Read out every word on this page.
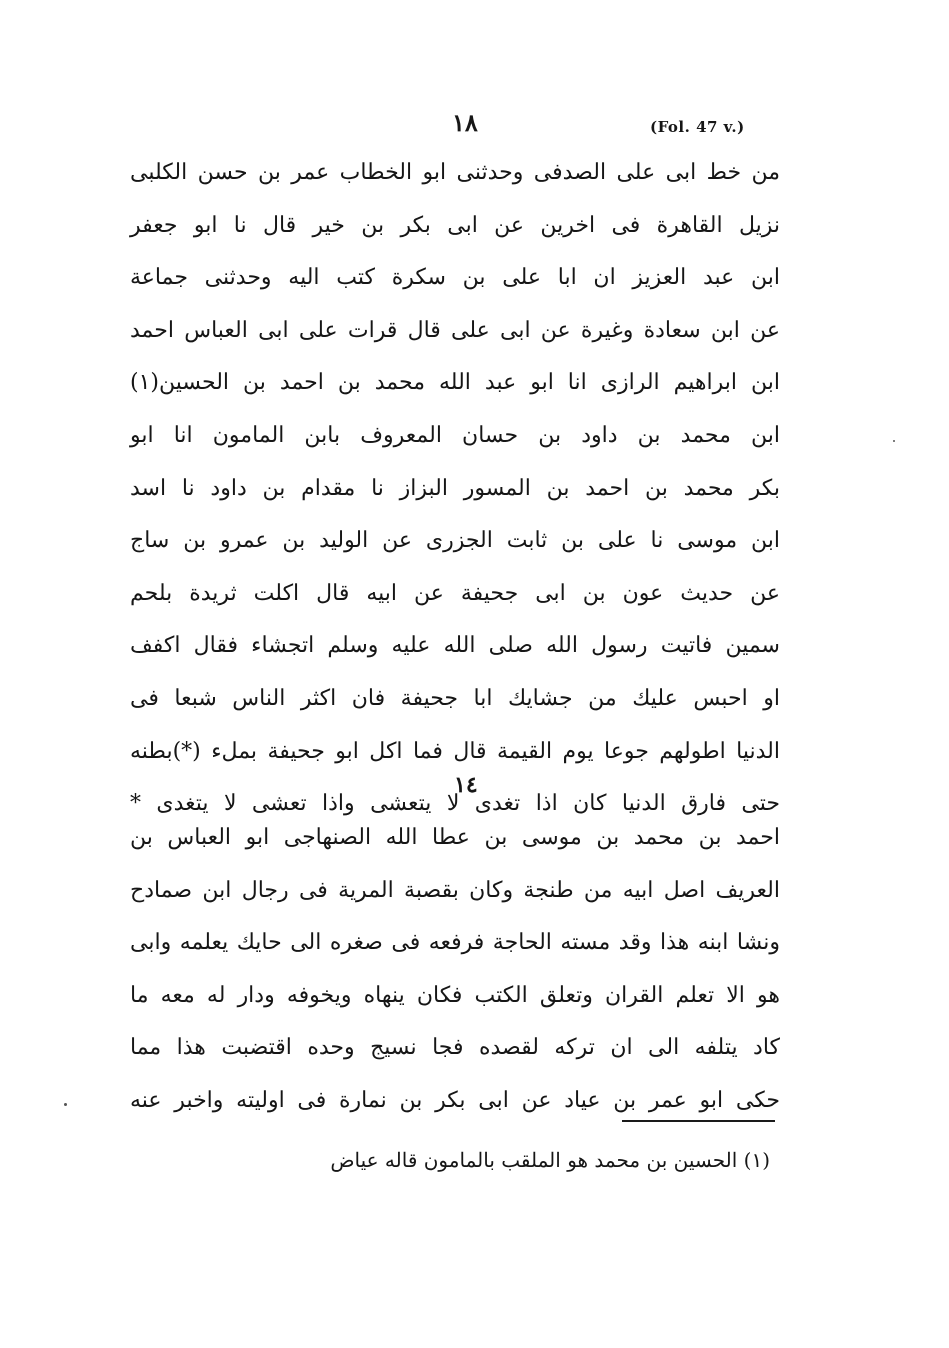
١٨	(Fol. 47 v.)
من خط ابى على الصدفى وحدثنى ابو الخطاب عمر بن حسن الكلبى
نزيل القاهرة فى اخرين عن ابى بكر بن خير قال نا ابو جعفر
ابن عبد العزيز ان ابا على بن سكرة كتب اليه وحدثنى جماعة
عن ابن سعادة وغيرة عن ابى على قال قرات على ابى العباس احمد
ابن ابراهيم الرازى انا ابو عبد الله محمد بن احمد بن الحسين(١)
ابن محمد بن داود بن حسان المعروف بابن المامون انا ابو
بكر محمد بن احمد بن المسور البزاز نا مقدام بن داود نا اسد
ابن موسى نا على بن ثابت الجزرى عن الوليد بن عمرو بن ساج
عن حديث عون بن ابى جحيفة عن ابيه قال اكلت ثريدة بلحم
سمين فاتيت رسول الله صلى الله عليه وسلم اتجشاء فقال اكفف
او احبس عليك من جشايك ابا جحيفة فان اكثر الناس شبعا فى
الدنيا اطولهم جوعا يوم القيمة قال فما اكل ابو جحيفة بملء (*)بطنه
حتى فارق الدنيا كان اذا تغدى لا يتعشى واذا تعشى لا يتغدى *
١٤
احمد بن محمد بن موسى بن عطا الله الصنهاجى ابو العباس بن
العريف اصل ابيه من طنجة وكان بقصبة المرية فى رجال ابن صمادح
ونشا ابنه هذا وقد مسته الحاجة فرفعه فى صغره الى حايك يعلمه وابى
هو الا تعلم القران وتعلق الكتب فكان ينهاه ويخوفه ودار له معه ما
كاد يتلفه الى ان تركه لقصده فجا نسيج وحده اقتضبت هذا مما
حكى ابو عمر بن عياد عن ابى بكر بن نمارة فى اوليته واخبر عنه
(١) الحسين بن محمد هو الملقب بالمامون قاله عياض
